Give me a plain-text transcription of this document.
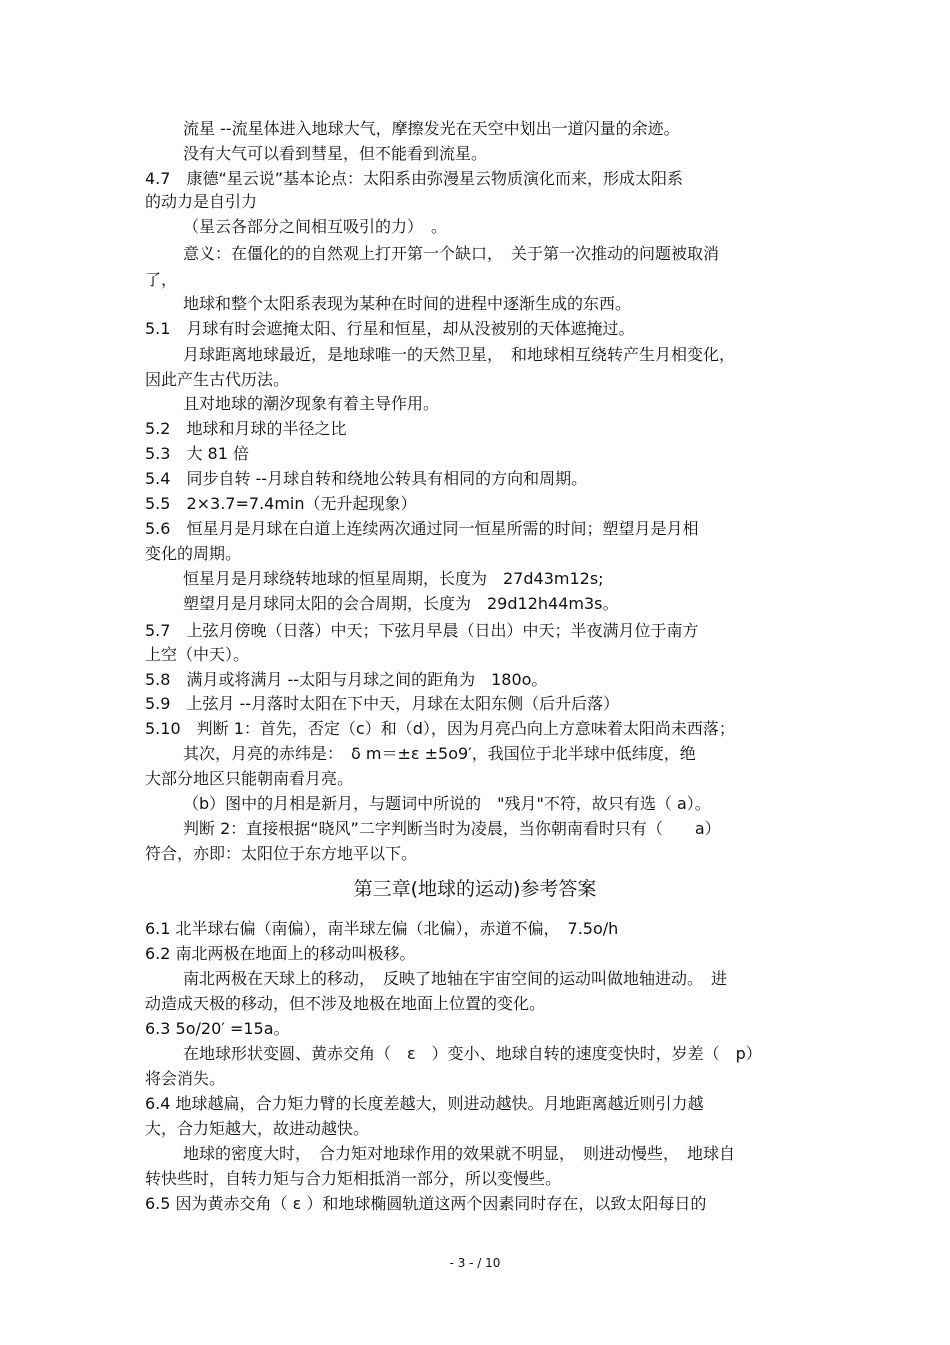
流星 --流星体进入地球大气，摩擦发光在天空中划出一道闪量的余迹。
没有大气可以看到彗星，但不能看到流星。
4.7　康德“星云说”基本论点：太阳系由弥漫星云物质演化而来，形成太阳系
的动力是自引力
（星云各部分之间相互吸引的力）　。
意义：在僵化的的自然观上打开第一个缺口，　关于第一次推动的问题被取消
了，
地球和整个太阳系表现为某种在时间的进程中逐渐生成的东西。
5.1　月球有时会遮掩太阳、行星和恒星，却从没被别的天体遮掩过。
月球距离地球最近，是地球唯一的天然卫星，　和地球相互绕转产生月相变化，
因此产生古代历法。
且对地球的潮汐现象有着主导作用。
5.2　地球和月球的半径之比
5.3　大 81 倍
5.4　同步自转 --月球自转和绕地公转具有相同的方向和周期。
5.5　2×3.7=7.4min（无升起现象）
5.6　恒星月是月球在白道上连续两次通过同一恒星所需的时间；塑望月是月相
变化的周期。
恒星月是月球绕转地球的恒星周期，长度为　27d43m12s;
塑望月是月球同太阳的会合周期，长度为　29d12h44m3s。
5.7　上弦月傍晚（日落）中天；下弦月早晨（日出）中天；半夜满月位于南方
上空（中天）。
5.8　满月或将满月 --太阳与月球之间的距角为　180o。
5.9　上弦月 --月落时太阳在下中天，月球在太阳东侧（后升后落）
5.10　判断 1：首先，否定（c）和（d），因为月亮凸向上方意味着太阳尚未西落；
其次，月亮的赤纬是：　δ m＝±ε ±5o9′，我国位于北半球中低纬度，绝
大部分地区只能朝南看月亮。
（b）图中的月相是新月，与题词中所说的　"残月"不符，故只有选（ a）。
判断 2：直接根据“晓风”二字判断当时为凌晨，当你朝南看时只有（　　a）
符合，亦即：太阳位于东方地平以下。
6.1 北半球右偏（南偏），南半球左偏（北偏），赤道不偏，　7.5o/h
6.2 南北两极在地面上的移动叫极移。
南北两极在天球上的移动，　反映了地轴在宇宙空间的运动叫做地轴进动。　进
动造成天极的移动，但不涉及地极在地面上位置的变化。
6.3 5o/20′ =15a。
在地球形状变圆、黄赤交角（　ε　）变小、地球自转的速度变快时，岁差（　p）
将会消失。
6.4 地球越扁，合力矩力臂的长度差越大，则进动越快。月地距离越近则引力越
大，合力矩越大，故进动越快。
地球的密度大时，　合力矩对地球作用的效果就不明显，　则进动慢些，　地球自
转快些时，自转力矩与合力矩相抵消一部分，所以变慢些。
6.5 因为黄赤交角（ ε ）和地球椭圆轨道这两个因素同时存在，以致太阳每日的
第三章(地球的运动)参考答案
- 3 - / 10
